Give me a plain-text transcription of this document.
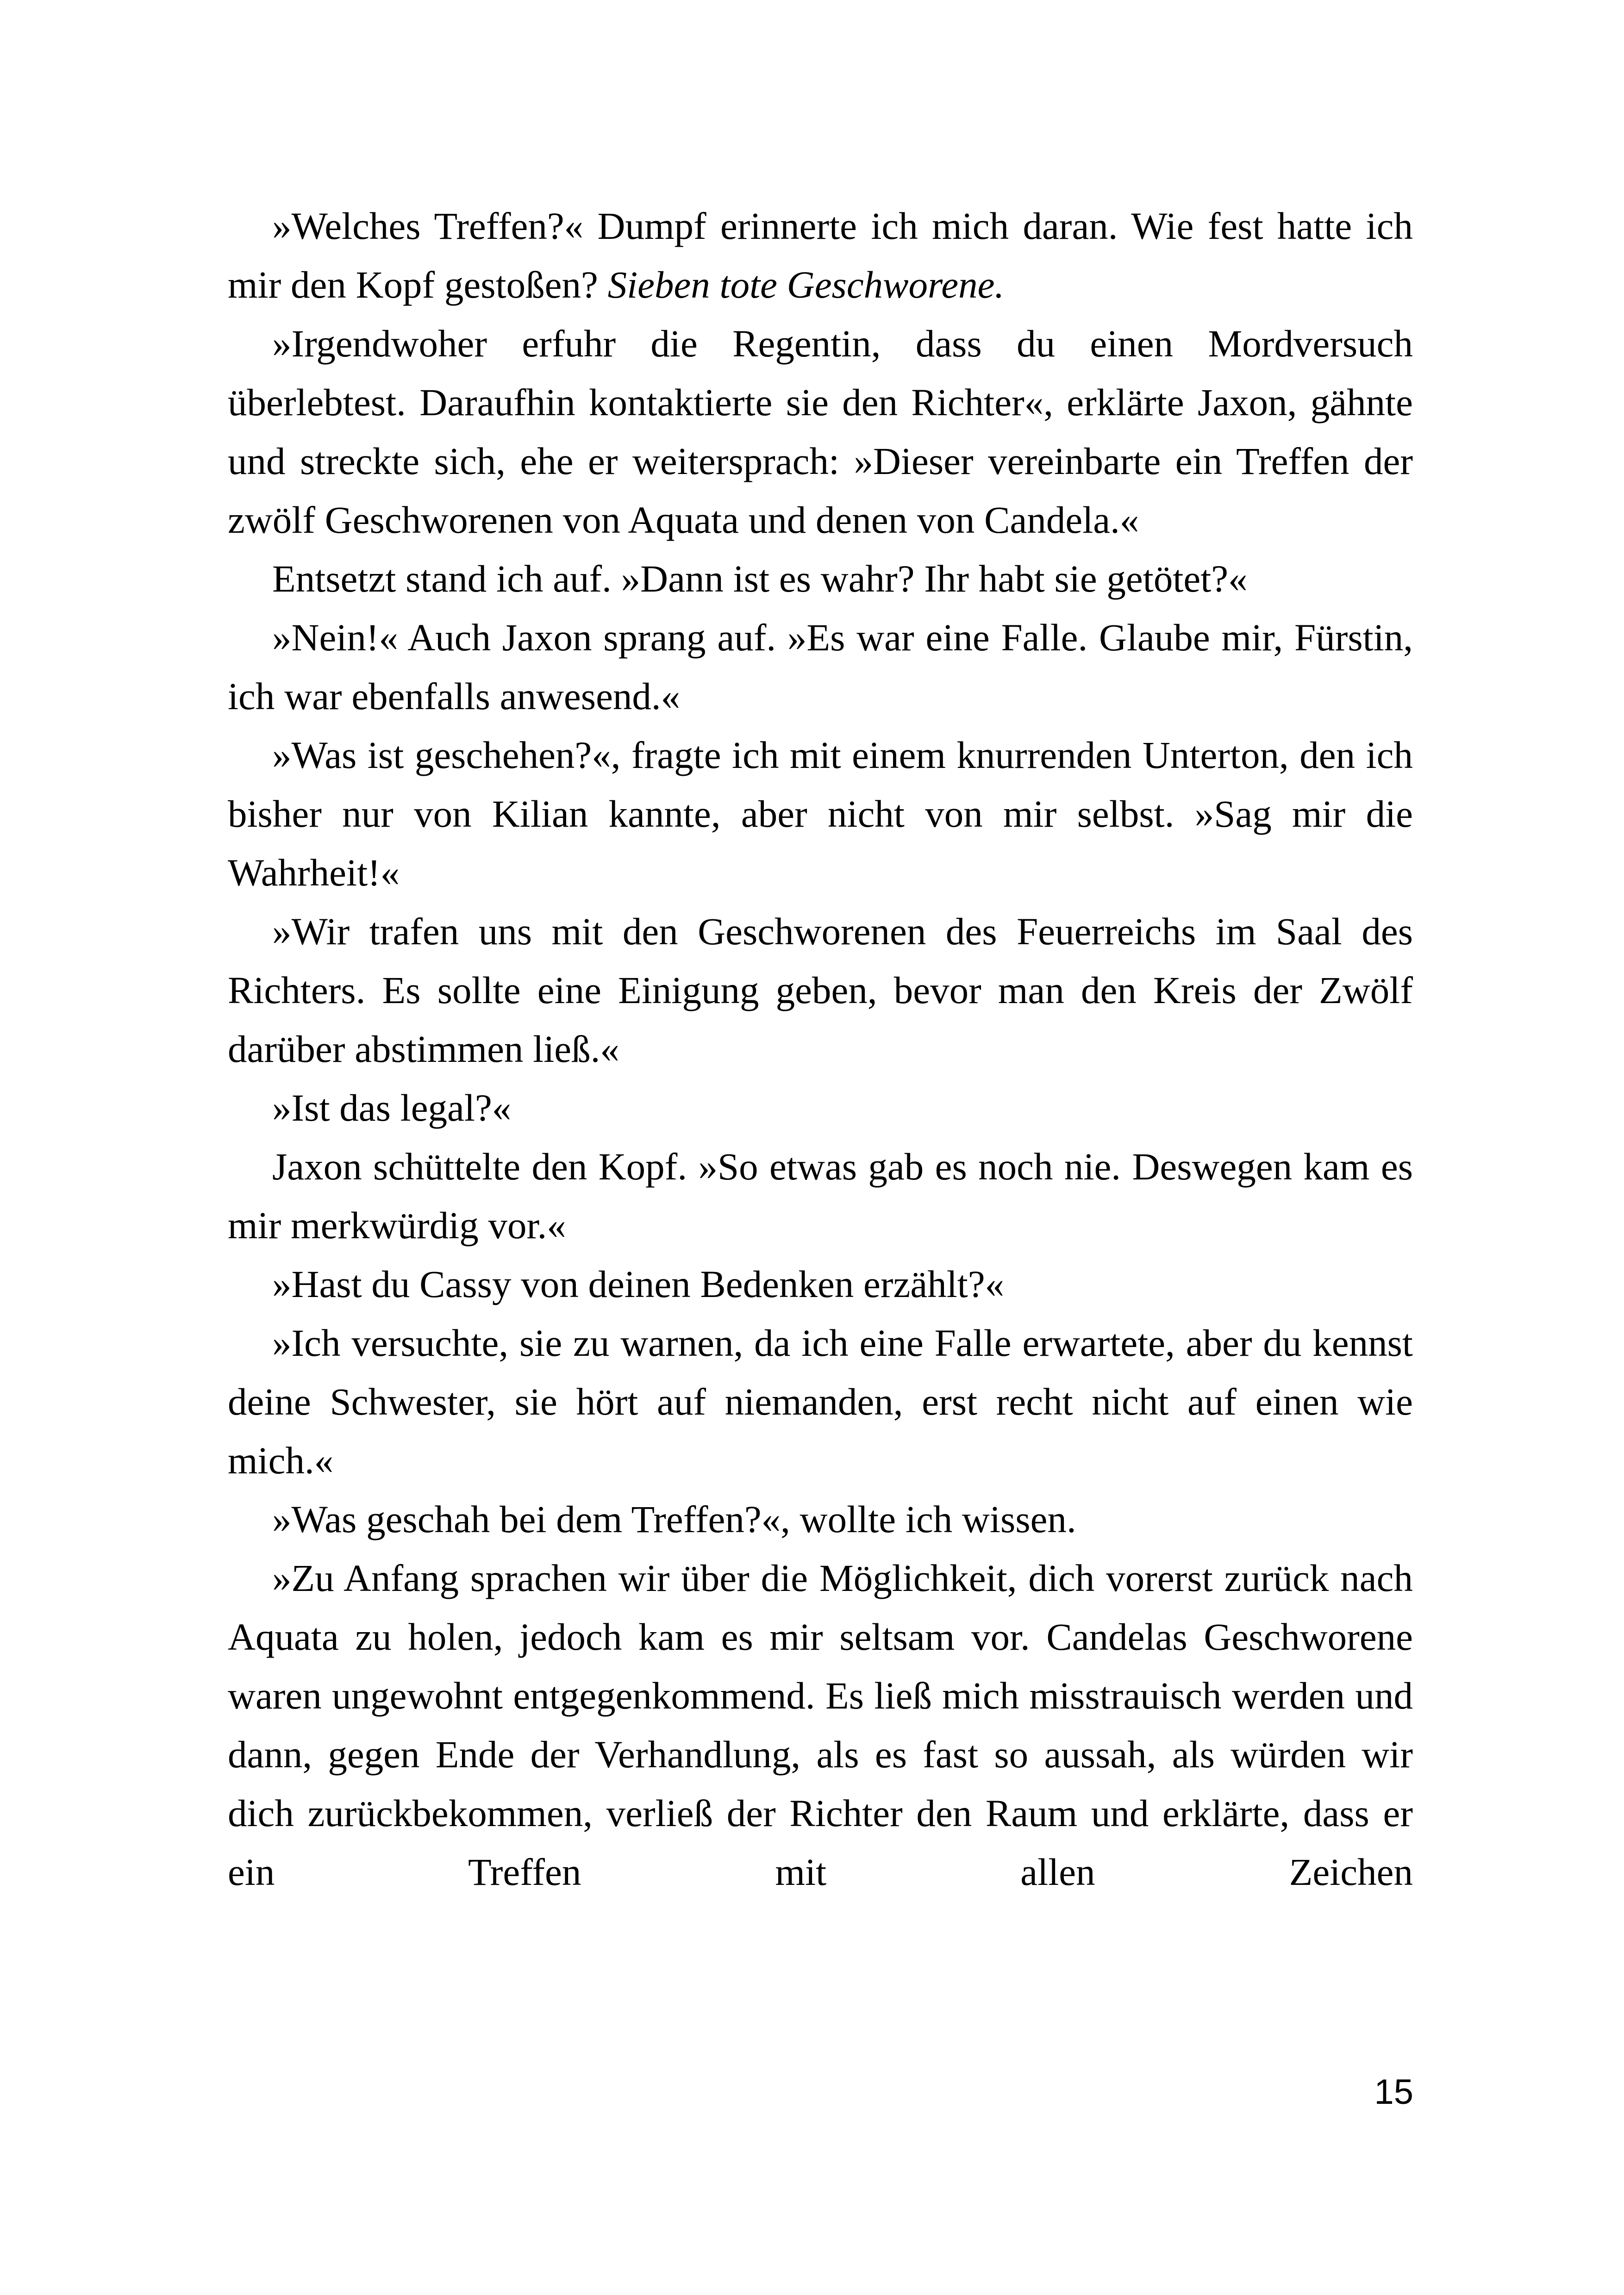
»Welches Treffen?« Dumpf erinnerte ich mich daran. Wie fest hatte ich mir den Kopf gestoßen? Sieben tote Geschworene.

»Irgendwoher erfuhr die Regentin, dass du einen Mordversuch überlebtest. Daraufhin kontaktierte sie den Richter«, erklärte Jaxon, gähnte und streckte sich, ehe er weitersprach: »Dieser vereinbarte ein Treffen der zwölf Geschworenen von Aquata und denen von Candela.«

Entsetzt stand ich auf. »Dann ist es wahr? Ihr habt sie getötet?«

»Nein!« Auch Jaxon sprang auf. »Es war eine Falle. Glaube mir, Fürstin, ich war ebenfalls anwesend.«

»Was ist geschehen?«, fragte ich mit einem knurrenden Unterton, den ich bisher nur von Kilian kannte, aber nicht von mir selbst. »Sag mir die Wahrheit!«

»Wir trafen uns mit den Geschworenen des Feuerreichs im Saal des Richters. Es sollte eine Einigung geben, bevor man den Kreis der Zwölf darüber abstimmen ließ.«

»Ist das legal?«

Jaxon schüttelte den Kopf. »So etwas gab es noch nie. Deswegen kam es mir merkwürdig vor.«

»Hast du Cassy von deinen Bedenken erzählt?«

»Ich versuchte, sie zu warnen, da ich eine Falle erwartete, aber du kennst deine Schwester, sie hört auf niemanden, erst recht nicht auf einen wie mich.«

»Was geschah bei dem Treffen?«, wollte ich wissen.

»Zu Anfang sprachen wir über die Möglichkeit, dich vorerst zurück nach Aquata zu holen, jedoch kam es mir seltsam vor. Candelas Geschworene waren ungewohnt entgegenkommend. Es ließ mich misstrauisch werden und dann, gegen Ende der Verhandlung, als es fast so aussah, als würden wir dich zurückbekommen, verließ der Richter den Raum und erklärte, dass er ein Treffen mit allen Zeichen

15
